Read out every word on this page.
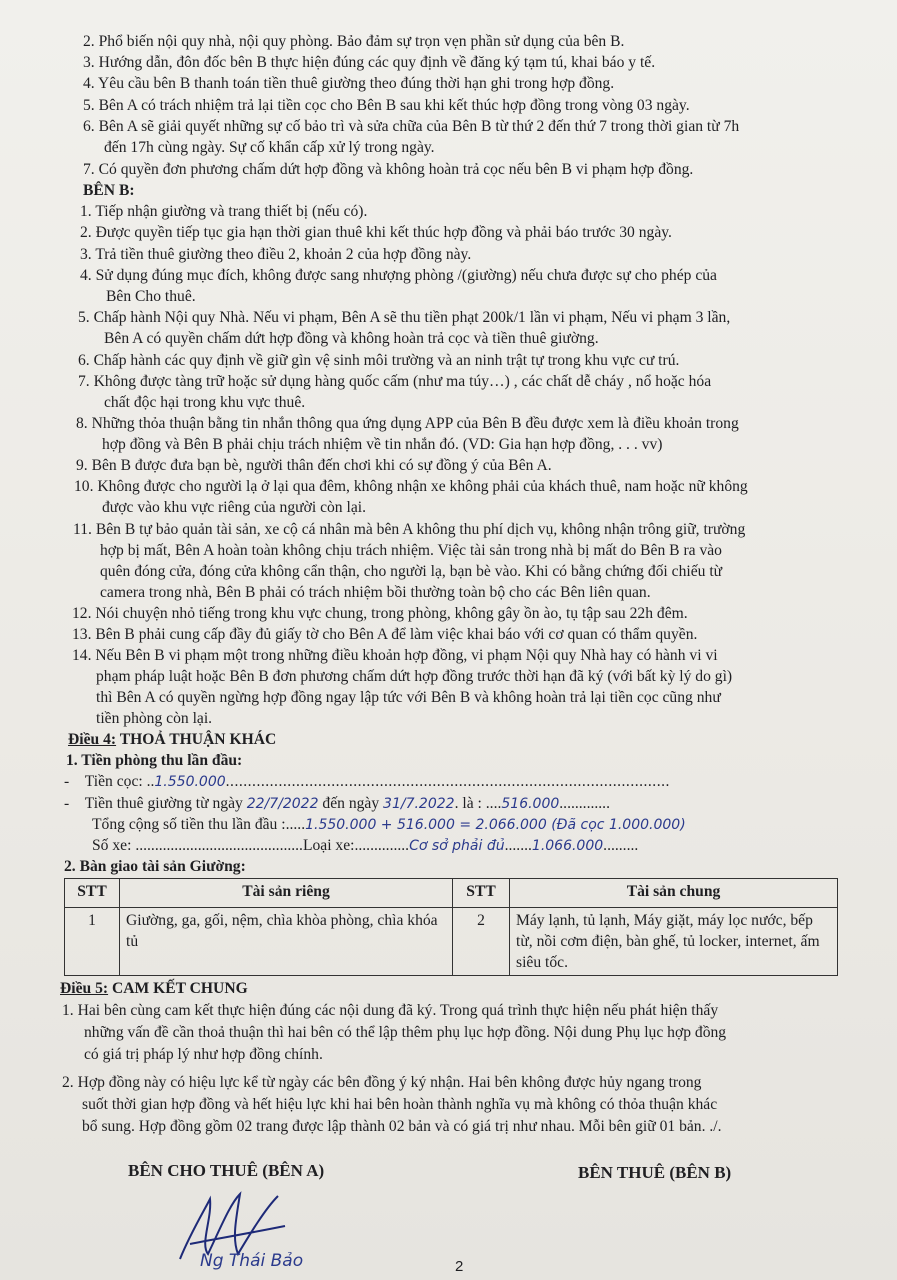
2. Phổ biến nội quy nhà, nội quy phòng. Bảo đảm sự trọn vẹn phần sử dụng của bên B.
3. Hướng dẫn, đôn đốc bên B thực hiện đúng các quy định về đăng ký tạm tú, khai báo y tế.
4. Yêu cầu bên B thanh toán tiền thuê giường theo đúng thời hạn ghi trong hợp đồng.
5. Bên A có trách nhiệm trả lại tiền cọc cho Bên B sau khi kết thúc hợp đồng trong vòng 03 ngày.
6. Bên A sẽ giải quyết những sự cố bảo trì và sửa chữa của Bên B từ thứ 2 đến thứ 7 trong thời gian từ 7h
đến 17h cùng ngày. Sự cố khẩn cấp xử lý trong ngày.
7. Có quyền đơn phương chấm dứt hợp đồng và không hoàn trả cọc nếu bên B vi phạm hợp đồng.
BÊN B:
1. Tiếp nhận giường và trang thiết bị (nếu có).
2. Được quyền tiếp tục gia hạn thời gian thuê khi kết thúc hợp đồng và phải báo trước 30 ngày.
3. Trả tiền thuê giường theo điều 2, khoản 2 của hợp đồng này.
4. Sử dụng đúng mục đích, không được sang nhượng phòng /(giường) nếu chưa được sự cho phép của
Bên Cho thuê.
5. Chấp hành Nội quy Nhà. Nếu vi phạm, Bên A sẽ thu tiền phạt 200k/1 lần vi phạm, Nếu vi phạm 3 lần,
Bên A có quyền chấm dứt hợp đồng và không hoàn trả cọc và tiền thuê giường.
6. Chấp hành các quy định về giữ gìn vệ sinh môi trường và an ninh trật tự trong khu vực cư trú.
7. Không được tàng trữ hoặc sử dụng hàng quốc cấm (như ma túy…) , các chất dễ cháy , nổ hoặc hóa
chất độc hại trong khu vực thuê.
8. Những thỏa thuận bằng tin nhắn thông qua ứng dụng APP của Bên B đều được xem là điều khoản trong
hợp đồng và Bên B phải chịu trách nhiệm về tin nhắn đó. (VD: Gia hạn hợp đồng, . . . vv)
9. Bên B được đưa bạn bè, người thân đến chơi khi có sự đồng ý của Bên A.
10. Không được cho người lạ ở lại qua đêm, không nhận xe không phải của khách thuê, nam hoặc nữ không
được vào khu vực riêng của người còn lại.
11. Bên B tự bảo quản tài sản, xe cộ cá nhân mà bên A không thu phí dịch vụ, không nhận trông giữ, trường
hợp bị mất, Bên A hoàn toàn không chịu trách nhiệm. Việc tài sản trong nhà bị mất do Bên B ra vào
quên đóng cửa, đóng cửa không cẩn thận, cho người lạ, bạn bè vào. Khi có bằng chứng đối chiếu từ
camera trong nhà, Bên B phải có trách nhiệm bồi thường toàn bộ cho các Bên liên quan.
12. Nói chuyện nhỏ tiếng trong khu vực chung, trong phòng, không gây ồn ào, tụ tập sau 22h đêm.
13. Bên B phải cung cấp đầy đủ giấy tờ cho Bên A để làm việc khai báo với cơ quan có thẩm quyền.
14. Nếu Bên B vi phạm một trong những điều khoản hợp đồng, vi phạm Nội quy Nhà hay có hành vi vi
phạm pháp luật hoặc Bên B đơn phương chấm dứt hợp đồng trước thời hạn đã ký (với bất kỳ lý do gì)
thì Bên A có quyền ngừng hợp đồng ngay lập tức với Bên B và không hoàn trả lại tiền cọc cũng như
tiền phòng còn lại.
Điều 4: THOẢ THUẬN KHÁC
1. Tiền phòng thu lần đầu:
-    Tiền cọc: ..1.550.000.....................................................................................................
-    Tiền thuê giường từ ngày 22/7/2022 đến ngày 31/7.2022. là : ....516.000.............
Tổng cộng số tiền thu lần đầu :.....1.550.000 + 516.000 = 2.066.000 (Đã cọc 1.000.000)
Số xe: ...........................................Loại xe:..............Cơ sở phải đủ.......1.066.000.........
2. Bàn giao tài sản Giường:
STT	Tài sản riêng	STT	Tài sản chung
1	Giường, ga, gối, nệm, chìa khòa phòng, chìa khóa tủ	2	Máy lạnh, tủ lạnh, Máy giặt, máy lọc nước, bếp từ, nồi cơm điện, bàn ghế, tủ locker, internet, ấm siêu tốc.
Điều 5: CAM KẾT CHUNG
1. Hai bên cùng cam kết thực hiện đúng các nội dung đã ký. Trong quá trình thực hiện nếu phát hiện thấy
những vấn đề cần thoả thuận thì hai bên có thể lập thêm phụ lục hợp đồng. Nội dung Phụ lục hợp đồng
có giá trị pháp lý như hợp đồng chính.
2. Hợp đồng này có hiệu lực kể từ ngày các bên đồng ý ký nhận. Hai bên không được hủy ngang trong
suốt thời gian hợp đồng và hết hiệu lực khi hai bên hoàn thành nghĩa vụ mà không có thỏa thuận khác
bổ sung. Hợp đồng gồm 02 trang được lập thành 02 bản và có giá trị như nhau. Mỗi bên giữ 01 bản. ./.
BÊN CHO THUÊ (BÊN A)	BÊN THUÊ (BÊN B)
Ng Thái Bảo	2
